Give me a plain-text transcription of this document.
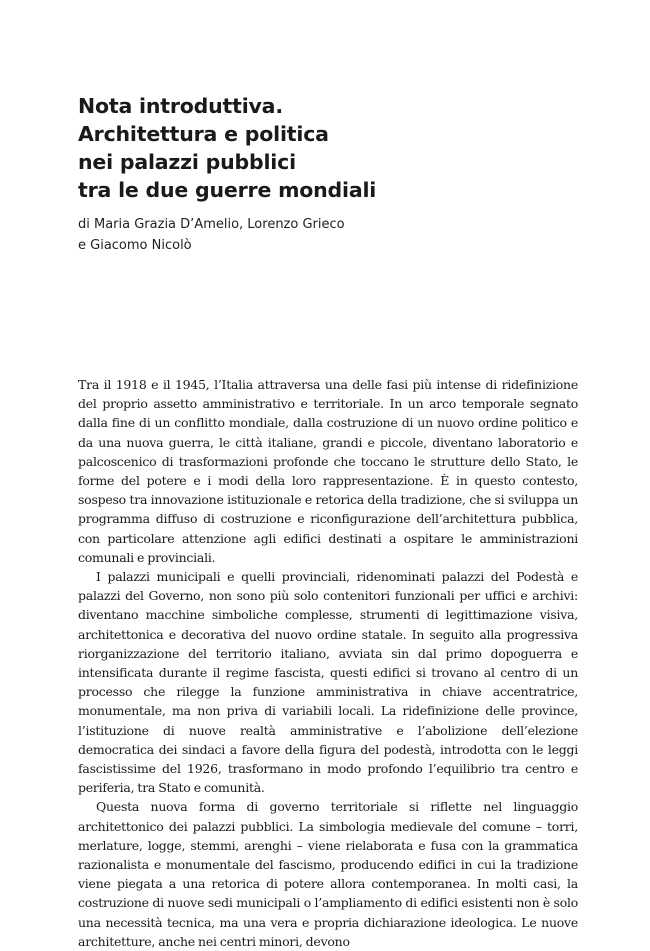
Nota introduttiva.
Architettura e politica
nei palazzi pubblici
tra le due guerre mondiali
di Maria Grazia D’Amelio, Lorenzo Grieco
e Giacomo Nicolò

Tra il 1918 e il 1945, l’Italia attraversa una delle fasi più intense di ridefinizione del proprio assetto amministrativo e territoriale. In un arco temporale segnato dalla fine di un conflitto mondiale, dalla costruzione di un nuovo ordine politico e da una nuova guerra, le città italiane, grandi e piccole, diventano laboratorio e palcoscenico di trasformazioni profonde che toccano le strutture dello Stato, le forme del potere e i modi della loro rappresentazione. È in questo contesto, sospeso tra innovazione istituzionale e retorica della tradizione, che si sviluppa un programma diffuso di costruzione e riconfigurazione dell’architettura pubblica, con particolare attenzione agli edifici destinati a ospitare le amministrazioni comunali e provinciali.

I palazzi municipali e quelli provinciali, ridenominati palazzi del Podestà e palazzi del Governo, non sono più solo contenitori funzionali per uffici e archivi: diventano macchine simboliche complesse, strumenti di legittimazione visiva, architettonica e decorativa del nuovo ordine statale. In seguito alla progressiva riorganizzazione del territorio italiano, avviata sin dal primo dopoguerra e intensificata durante il regime fascista, questi edifici si trovano al centro di un processo che rilegge la funzione amministrativa in chiave accentratrice, monumentale, ma non priva di variabili locali. La ridefinizione delle province, l’istituzione di nuove realtà amministrative e l’abolizione dell’elezione democratica dei sindaci a favore della figura del podestà, introdotta con le leggi fascistissime del 1926, trasformano in modo profondo l’equilibrio tra centro e periferia, tra Stato e comunità.

Questa nuova forma di governo territoriale si riflette nel linguaggio architettonico dei palazzi pubblici. La simbologia medievale del comune – torri, merlature, logge, stemmi, arenghi – viene rielaborata e fusa con la grammatica razionalista e monumentale del fascismo, producendo edifici in cui la tradizione viene piegata a una retorica di potere allora contemporanea. In molti casi, la costruzione di nuove sedi municipali o l’ampliamento di edifici esistenti non è solo una necessità tecnica, ma una vera e propria dichiarazione ideologica. Le nuove architetture, anche nei centri minori, devono
